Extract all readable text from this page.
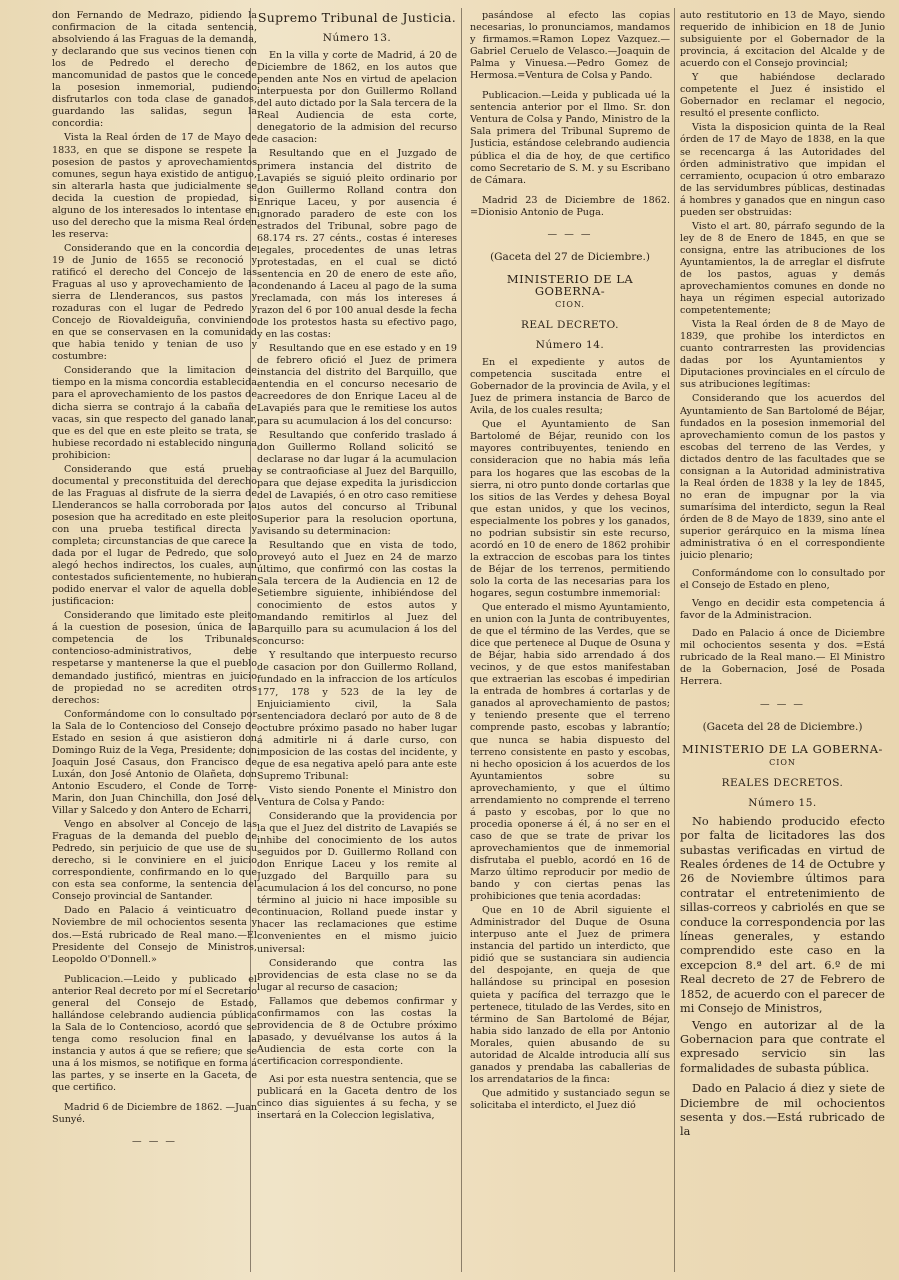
don Fernando de Medrazo, pidiendo la confirmacion de la citada sentencia, absolviendo á las Fraguas de la demanda, y declarando que sus vecinos tienen con los de Pedredo el derecho de mancomunidad de pastos que le concede la posesion inmemorial, pudiendo disfrutarlos con toda clase de ganados, guardando las salidas, segun la concordia:

Vista la Real órden de 17 de Mayo de 1833, en que se dispone se respete la posesion de pastos y aprovechamientos comunes, segun haya existido de antiguo, sin alterarla hasta que judicialmente se decida la cuestion de propiedad, si alguno de los interesados lo intentase en uso del derecho que la misma Real órden les reserva:

Considerando que en la concordia de 19 de Junio de 1655 se reconoció y ratificó el derecho del Concejo de las Fraguas al uso y aprovechamiento de la sierra de Llenderancos, sus pastos y rozaduras con el lugar de Pedredo y Concejo de Riovaldeiguña, conviniendo en que se conservasen en la comunidad que habia tenido y tenian de uso y costumbre:

Considerando que la limitacion de tiempo en la misma concordia establecida para el aprovechamiento de los pastos de dicha sierra se contrajo á la cabaña de vacas, sin que respecto del ganado lanar, que es del que en este pleito se trata, se hubiese recordado ni establecido ninguna prohibicion:

Considerando que está prueba documental y preconstituida del derecho de las Fraguas al disfrute de la sierra de Llenderancos se halla corroborada por la posesion que ha acreditado en este pleito con una prueba testifical directa y completa; circunstancias de que carece la dada por el lugar de Pedredo, que solo alegó hechos indirectos, los cuales, aun contestados suficientemente, no hubieran podido enervar el valor de aquella doble justificacion:

Considerando que limitado este pleito á la cuestion de posesion, única de la competencia de los Tribunales contencioso-administrativos, debe respetarse y mantenerse la que el pueblo demandado justificó, mientras en juicio de propiedad no se acrediten otros derechos:

Conformándome con lo consultado por la Sala de lo Contencioso del Consejo de Estado en sesion á que asistieron don Domingo Ruiz de la Vega, Presidente; don Joaquin José Casaus, don Francisco de Luxán, don José Antonio de Olañeta, don Antonio Escudero, el Conde de Torre-Marin, don Juan Chinchilla, don José del Villar y Salcedo y don Antero de Echarri,

Vengo en absolver al Concejo de las Fraguas de la demanda del pueblo de Pedredo, sin perjuicio de que use de su derecho, si le conviniere en el juicio correspondiente, confirmando en lo que con esta sea conforme, la sentencia del Consejo provincial de Santander.

Dado en Palacio á veinticuatro de Noviembre de mil ochocientos sesenta y dos.—Está rubricado de Real mano.—El Presidente del Consejo de Ministros, Leopoldo O'Donnell.»

Publicacion.—Leido y publicado el anterior Real decreto por mí el Secretario general del Consejo de Estado, hallándose celebrando audiencia pública la Sala de lo Contencioso, acordó que se tenga como resolucion final en la instancia y autos á que se refiere; que se una á los mismos, se notifique en forma á las partes, y se inserte en la Gaceta, de que certifico.

Madrid 6 de Diciembre de 1862. —Juan Sunyé.

— — —
Supremo Tribunal de Justicia.
Número 13.

En la villa y corte de Madrid, á 20 de Diciembre de 1862, en los autos que penden ante Nos en virtud de apelacion interpuesta por don Guillermo Rolland del auto dictado por la Sala tercera de la Real Audiencia de esta corte, denegatorio de la admision del recurso de casacion:

Resultando que en el Juzgado de primera instancia del distrito de Lavapiés se siguió pleito ordinario por don Guillermo Rolland contra don Enrique Laceu, y por ausencia é ignorado paradero de este con los estrados del Tribunal, sobre pago de 68.174 rs. 27 cénts., costas é intereses legales, procedentes de unas letras protestadas, en el cual se dictó sentencia en 20 de enero de este año, condenando á Laceu al pago de la suma reclamada, con más los intereses á razon del 6 por 100 anual desde la fecha de los protestos hasta su efectivo pago, y en las costas:

Resultando que en ese estado y en 19 de febrero ofició el Juez de primera instancia del distrito del Barquillo, que entendia en el concurso necesario de acreedores de don Enrique Laceu al de Lavapiés para que le remitiese los autos para su acumulacion á los del concurso:

Resultando que conferido traslado á don Guillermo Rolland solicitó se declarase no dar lugar á la acumulacion y se contraoficiase al Juez del Barquillo, para que dejase expedita la jurisdiccion del de Lavapiés, ó en otro caso remitiese los autos del concurso al Tribunal Superior para la resolucion oportuna, avisando su determinacion:

Resultando que en vista de todo, proveyó auto el Juez en 24 de marzo último, que confirmó con las costas la Sala tercera de la Audiencia en 12 de Setiembre siguiente, inhibiéndose del conocimiento de estos autos y mandando remitirlos al Juez del Barquillo para su acumulacion á los del concurso:

Y resultando que interpuesto recurso de casacion por don Guillermo Rolland, fundado en la infraccion de los artículos 177, 178 y 523 de la ley de Enjuiciamiento civil, la Sala sentenciadora declaró por auto de 8 de octubre próximo pasado no haber lugar á admitirle ni á darle curso, con imposicion de las costas del incidente, y que de esa negativa apeló para ante este Supremo Tribunal:

Visto siendo Ponente el Ministro don Ventura de Colsa y Pando:

Considerando que la providencia por la que el Juez del distrito de Lavapiés se inhibe del conocimiento de los autos seguidos por D. Guillermo Rolland con don Enrique Laceu y los remite al Juzgado del Barquillo para su acumulacion á los del concurso, no pone término al juicio ni hace imposible su continuacion, Rolland puede instar y hacer las reclamaciones que estime convenientes en el mismo juicio universal:

Considerando que contra las providencias de esta clase no se da lugar al recurso de casacion;

Fallamos que debemos confirmar y confirmamos con las costas la providencia de 8 de Octubre próximo pasado, y devuélvanse los autos á la Audiencia de esta corte con la certificacion correspondiente.

Asi por esta nuestra sentencia, que se publicará en la Gaceta dentro de los cinco dias siguientes á su fecha, y se insertará en la Coleccion legislativa,

pasándose al efecto las copias necesarias, lo pronunciamos, mandamos y firmamos.=Ramon Lopez Vazquez.—Gabriel Ceruelo de Velasco.—Joaquin de Palma y Vinuesa.—Pedro Gomez de Hermosa.=Ventura de Colsa y Pando.

Publicacion.—Leida y publicada ué la sentencia anterior por el Ilmo. Sr. don Ventura de Colsa y Pando, Ministro de la Sala primera del Tribunal Supremo de Justicia, estándose celebrando audiencia pública el dia de hoy, de que certifico como Secretario de S. M. y su Escribano de Cámara.

Madrid 23 de Diciembre de 1862. =Dionisio Antonio de Puga.

— — —
(Gaceta del 27 de Diciembre.)
MINISTERIO DE LA GOBERNA-
CION.
REAL DECRETO.
Número 14.

En el expediente y autos de competencia suscitada entre el Gobernador de la provincia de Avila, y el Juez de primera instancia de Barco de Avila, de los cuales resulta;

Que el Ayuntamiento de San Bartolomé de Béjar, reunido con los mayores contribuyentes, teniendo en consideracion que no habia más leña para los hogares que las escobas de la sierra, ni otro punto donde cortarlas que los sitios de las Verdes y dehesa Boyal que estan unidos, y que los vecinos, especialmente los pobres y los ganados, no podrian subsistir sin este recurso, acordó en 10 de enero de 1862 prohibir la extraccion de escobas para los tintes de Béjar de los terrenos, permitiendo solo la corta de las necesarias para los hogares, segun costumbre inmemorial:

Que enterado el mismo Ayuntamiento, en union con la Junta de contribuyentes, de que el término de las Verdes, que se dice que pertenece al Duque de Osuna y de Béjar, habia sido arrendado á dos vecinos, y de que estos manifestaban que extraerian las escobas é impedirian la entrada de hombres á cortarlas y de ganados al aprovechamiento de pastos; y teniendo presente que el terreno comprende pasto, escobas y labrantío; que nunca se habia dispuesto del terreno consistente en pasto y escobas, ni hecho oposicion á los acuerdos de los Ayuntamientos sobre su aprovechamiento, y que el último arrendamiento no comprende el terreno á pasto y escobas, por lo que no procedia oponerse á él, á no ser en el caso de que se trate de privar los aprovechamientos que de inmemorial disfrutaba el pueblo, acordó en 16 de Marzo último reproducir por medio de bando y con ciertas penas las prohibiciones que tenia acordadas:

Que en 10 de Abril siguiente el Administrador del Duque de Osuna interpuso ante el Juez de primera instancia del partido un interdicto, que pidió que se sustanciara sin audiencia del despojante, en queja de que hallándose su principal en posesion quieta y pacífica del terrazgo que le pertenece, titulado de las Verdes, sito en término de San Bartolomé de Béjar, habia sido lanzado de ella por Antonio Morales, quien abusando de su autoridad de Alcalde introducia allí sus ganados y prendaba las caballerias de los arrendatarios de la finca:

Que admitido y sustanciado segun se solicitaba el interdicto, el Juez dió

auto restitutorio en 13 de Mayo, siendo requerido de inhibicion en 18 de Junio subsiguiente por el Gobernador de la provincia, á excitacion del Alcalde y de acuerdo con el Consejo provincial;

Y que habiéndose declarado competente el Juez é insistido el Gobernador en reclamar el negocio, resultó el presente conflicto.

Vista la disposicion quinta de la Real órden de 17 de Mayo de 1838, en la que se recencarga á las Autoridades del órden administrativo que impidan el cerramiento, ocupacion ú otro embarazo de las servidumbres públicas, destinadas á hombres y ganados que en ningun caso pueden ser obstruidas:

Visto el art. 80, párrafo segundo de la ley de 8 de Enero de 1845, en que se consigna, entre las atribuciones de los Ayuntamientos, la de arreglar el disfrute de los pastos, aguas y demás aprovechamientos comunes en donde no haya un régimen especial autorizado competentemente;

Vista la Real órden de 8 de Mayo de 1839, que prohibe los interdictos en cuanto contrarresten las providencias dadas por los Ayuntamientos y Diputaciones provinciales en el círculo de sus atribuciones legítimas:

Considerando que los acuerdos del Ayuntamiento de San Bartolomé de Béjar, fundados en la posesion inmemorial del aprovechamiento comun de los pastos y escobas del terreno de las Verdes, y dictados dentro de las facultades que se consignan a la Autoridad administrativa la Real órden de 1838 y la ley de 1845, no eran de impugnar por la via sumarísima del interdicto, segun la Real órden de 8 de Mayo de 1839, sino ante el superior gerárquico en la misma línea administrativa ó en el correspondiente juicio plenario;

Conformándome con lo consultado por el Consejo de Estado en pleno,

Vengo en decidir esta competencia á favor de la Administracion.

Dado en Palacio á once de Diciembre mil ochocientos sesenta y dos. =Está rubricado de la Real mano.— El Ministro de la Gobernacion, José de Posada Herrera.

— — —
(Gaceta del 28 de Diciembre.)
MINISTERIO DE LA GOBERNA-
CION
REALES DECRETOS.
Número 15.

No habiendo producido efecto por falta de licitadores las dos subastas verificadas en virtud de Reales órdenes de 14 de Octubre y 26 de Noviembre últimos para contratar el entretenimiento de sillas-correos y cabriolés en que se conduce la correspondencia por las líneas generales, y estando comprendido este caso en la excepcion 8.ª del art. 6.º de mi Real decreto de 27 de Febrero de 1852, de acuerdo con el parecer de mi Consejo de Ministros,

Vengo en autorizar al de la Gobernacion para que contrate el expresado servicio sin las formalidades de subasta pública.

Dado en Palacio á diez y siete de Diciembre de mil ochocientos sesenta y dos.—Está rubricado de la
